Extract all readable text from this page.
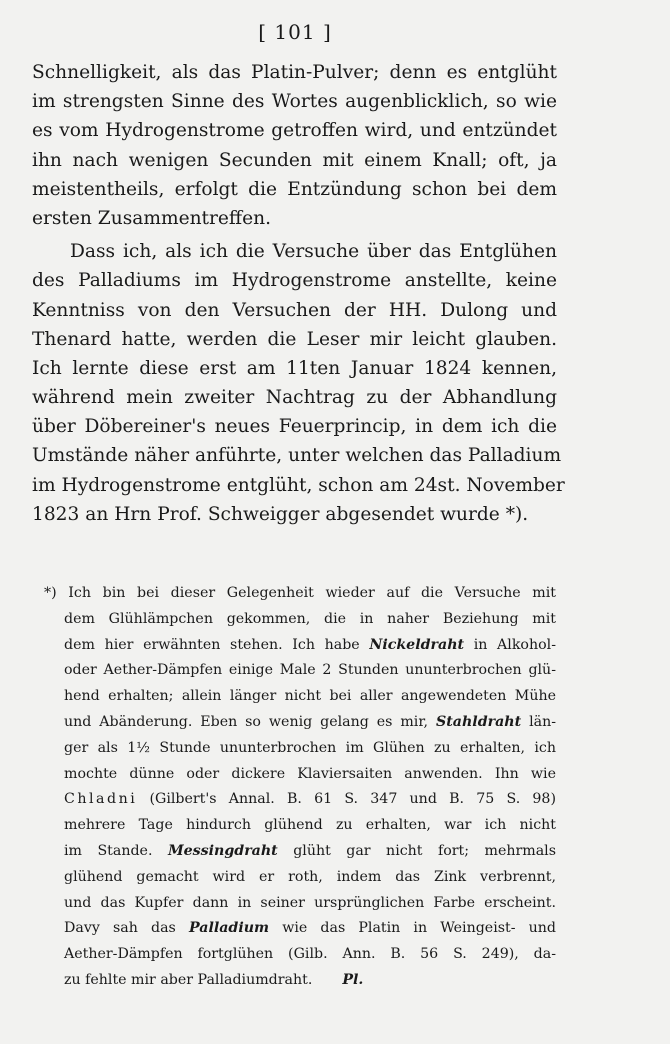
[ 101 ]
Schnelligkeit, als das Platin-Pulver; denn es entglüht
im strengsten Sinne des Wortes augenblicklich, so wie
es vom Hydrogenstrome getroffen wird, und entzündet
ihn nach wenigen Secunden mit einem Knall; oft, ja
meistentheils, erfolgt die Entzündung schon bei dem
ersten Zusammentreffen.
Dass ich, als ich die Versuche über das Entglühen
des Palladiums im Hydrogenstrome anstellte, keine
Kenntniss von den Versuchen der HH. Dulong und
Thenard hatte, werden die Leser mir leicht glauben.
Ich lernte diese erst am 11ten Januar 1824 kennen,
während mein zweiter Nachtrag zu der Abhandlung
über Döbereiner's neues Feuerprincip, in dem ich die
Umstände näher anführte, unter welchen das Palladium
im Hydrogenstrome entglüht, schon am 24st. November
1823 an Hrn Prof. Schweigger abgesendet wurde *).
*) Ich bin bei dieser Gelegenheit wieder auf die Versuche mit
dem Glühlämpchen gekommen, die in naher Beziehung mit
dem hier erwähnten stehen. Ich habe Nickeldraht in Alkohol-
oder Aether-Dämpfen einige Male 2 Stunden ununterbrochen glü-
hend erhalten; allein länger nicht bei aller angewendeten Mühe
und Abänderung. Eben so wenig gelang es mir, Stahldraht län-
ger als 1½ Stunde ununterbrochen im Glühen zu erhalten, ich
mochte dünne oder dickere Klaviersaiten anwenden. Ihn wie
Chladni (Gilbert's Annal. B. 61 S. 347 und B. 75 S. 98)
mehrere Tage hindurch glühend zu erhalten, war ich nicht
im Stande. Messingdraht glüht gar nicht fort; mehrmals
glühend gemacht wird er roth, indem das Zink verbrennt,
und das Kupfer dann in seiner ursprünglichen Farbe erscheint.
Davy sah das Palladium wie das Platin in Weingeist- und
Aether-Dämpfen fortglühen (Gilb. Ann. B. 56 S. 249), da-
zu fehlte mir aber Palladiumdraht. Pl.
